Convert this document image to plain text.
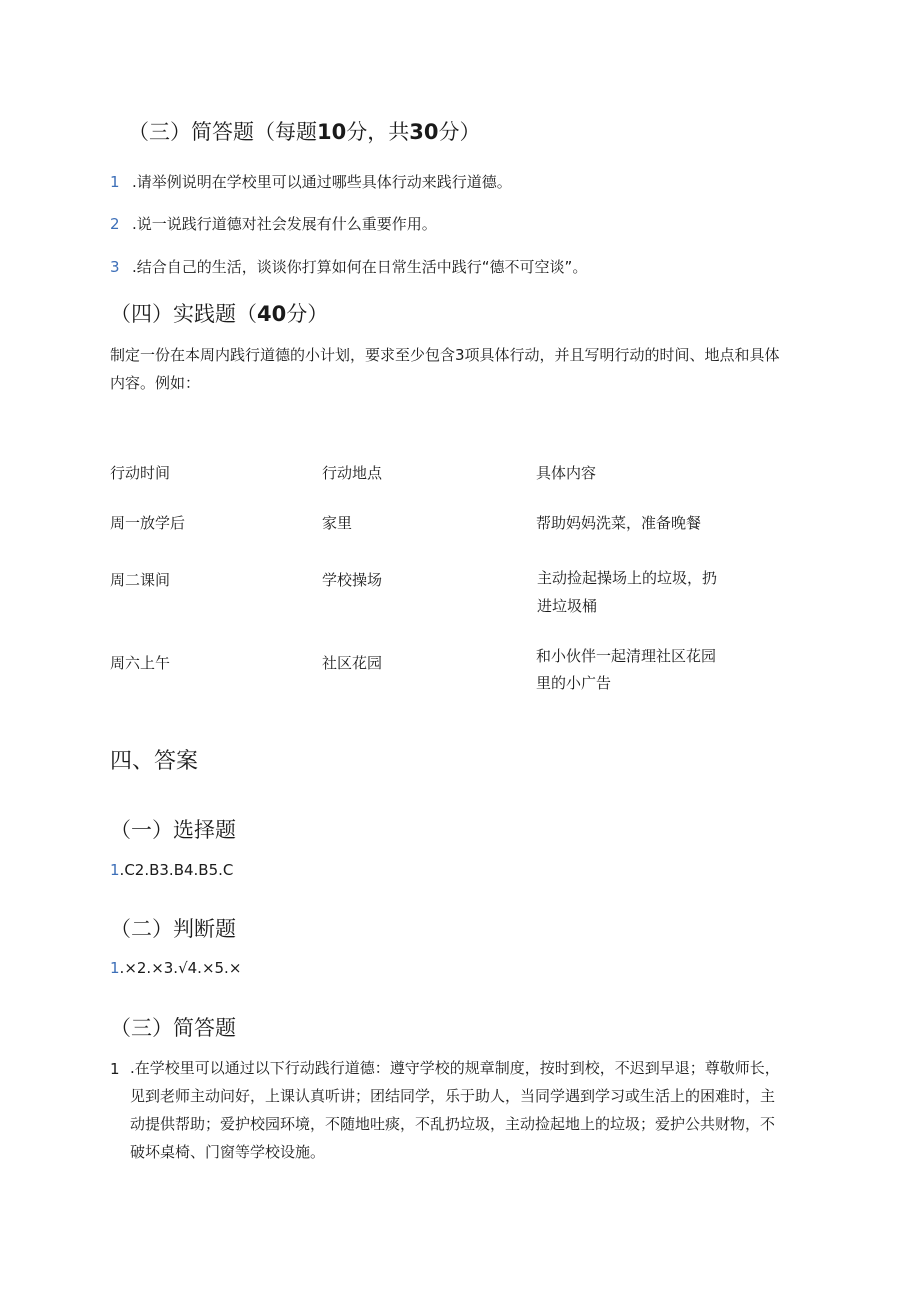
（三）简答题（每题10分，共30分）
1 .请举例说明在学校里可以通过哪些具体行动来践行道德。
2 .说一说践行道德对社会发展有什么重要作用。
3 .结合自己的生活，谈谈你打算如何在日常生活中践行“德不可空谈”。
（四）实践题（40分）
制定一份在本周内践行道德的小计划，要求至少包含3项具体行动，并且写明行动的时间、地点和具体
内容。例如：
行动时间	行动地点	具体内容
周一放学后	家里	帮助妈妈洗菜，准备晚餐
周二课间	学校操场	主动捡起操场上的垃圾，扔
进垃圾桶
周六上午	社区花园	和小伙伴一起清理社区花园
里的小广告
四、答案
（一）选择题
1.C2.B3.B4.B5.C
（二）判断题
1.×2.×3.√4.×5.×
（三）简答题
1 .在学校里可以通过以下行动践行道德：遵守学校的规章制度，按时到校，不迟到早退；尊敬师长，
见到老师主动问好，上课认真听讲；团结同学，乐于助人，当同学遇到学习或生活上的困难时，主
动提供帮助；爱护校园环境，不随地吐痰，不乱扔垃圾，主动捡起地上的垃圾；爱护公共财物，不
破坏桌椅、门窗等学校设施。
